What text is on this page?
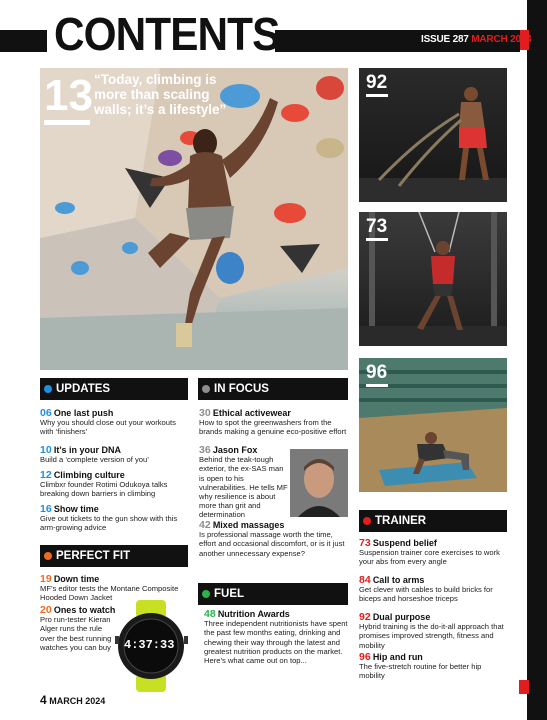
CONTENTS	ISSUE 287 MARCH 2024
13 “Today, climbing is more than scaling walls; it’s a lifestyle”
92
73
96
UPDATES
06 One last push
Why you should close out your workouts with ‘finishers’
10 It’s in your DNA
Build a ‘complete version of you’
12 Climbing culture
Climbxr founder Rotimi Odukoya talks breaking down barriers in climbing
16 Show time
Give out tickets to the gun show with this arm-growing advice
PERFECT FIT
19 Down time
MF’s editor tests the Montane Composite Hooded Down Jacket
20 Ones to watch
Pro run-tester Kieran Alger runs the rule over the best running watches you can buy	4:37:33
IN FOCUS
30 Ethical activewear
How to spot the greenwashers from the brands making a genuine eco-positive effort
36 Jason Fox
Behind the teak-tough exterior, the ex-SAS man is open to his vulnerabilities. He tells MF why resilience is about more than grit and determination
42 Mixed massages
Is professional massage worth the time, effort and occasional discomfort, or is it just another unnecessary expense?
FUEL
48 Nutrition Awards
Three independent nutritionists have spent the past few months eating, drinking and chewing their way through the latest and greatest nutrition products on the market. Here’s what came out on top...
TRAINER
73 Suspend belief
Suspension trainer core exercises to work your abs from every angle
84 Call to arms
Get clever with cables to build bricks for biceps and horseshoe triceps
92 Dual purpose
Hybrid training is the do-it-all approach that promises improved strength, fitness and mobility
96 Hip and run
The five-stretch routine for better hip mobility
4 MARCH 2024
